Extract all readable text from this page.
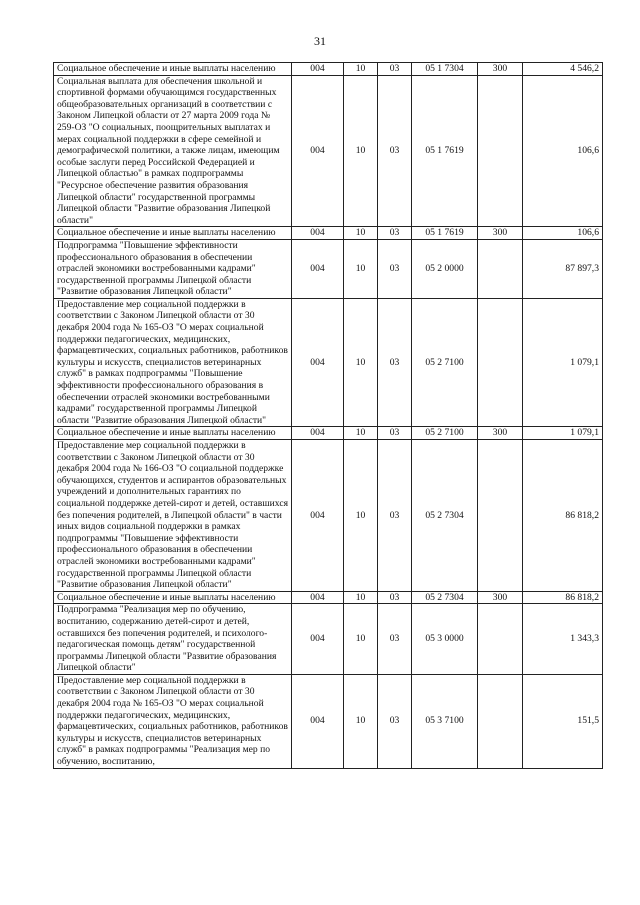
31
Социальное обеспечение и иные выплаты населению	004	10	03	05 1 7304	300	4 546,2
Социальная выплата для обеспечения школьной и спортивной формами обучающимся государственных общеобразовательных организаций в соответствии с Законом Липецкой области от 27 марта 2009 года № 259-ОЗ "О социальных, поощрительных выплатах и мерах социальной поддержки в сфере семейной и демографической политики, а также лицам, имеющим особые заслуги перед Российской Федерацией и Липецкой областью" в рамках подпрограммы "Ресурсное обеспечение развития образования Липецкой области" государственной программы Липецкой области "Развитие образования Липецкой области"	004	10	03	05 1 7619		106,6
Социальное обеспечение и иные выплаты населению	004	10	03	05 1 7619	300	106,6
Подпрограмма "Повышение эффективности профессионального образования в обеспечении отраслей экономики востребованными кадрами" государственной программы Липецкой области "Развитие образования Липецкой области"	004	10	03	05 2 0000		87 897,3
Предоставление мер социальной поддержки в соответствии с Законом Липецкой области от 30 декабря 2004 года № 165-ОЗ "О мерах социальной поддержки педагогических, медицинских, фармацевтических, социальных работников, работников культуры и искусств, специалистов ветеринарных служб" в рамках подпрограммы "Повышение эффективности профессионального образования в обеспечении отраслей экономики востребованными кадрами" государственной программы Липецкой области "Развитие образования Липецкой области"	004	10	03	05 2 7100		1 079,1
Социальное обеспечение и иные выплаты населению	004	10	03	05 2 7100	300	1 079,1
Предоставление мер социальной поддержки в соответствии с Законом Липецкой области от 30 декабря 2004 года № 166-ОЗ "О социальной поддержке обучающихся, студентов и аспирантов образовательных учреждений и дополнительных гарантиях по социальной поддержке детей-сирот и детей, оставшихся без попечения родителей, в Липецкой области" в части иных видов социальной поддержки в рамках подпрограммы "Повышение эффективности профессионального образования в обеспечении отраслей экономики востребованными кадрами" государственной программы Липецкой области "Развитие образования Липецкой области"	004	10	03	05 2 7304		86 818,2
Социальное обеспечение и иные выплаты населению	004	10	03	05 2 7304	300	86 818,2
Подпрограмма "Реализация мер по обучению, воспитанию, содержанию детей-сирот и детей, оставшихся без попечения родителей, и психолого-педагогическая помощь детям" государственной программы Липецкой области "Развитие образования Липецкой области"	004	10	03	05 3 0000		1 343,3
Предоставление мер социальной поддержки в соответствии с Законом Липецкой области от 30 декабря 2004 года № 165-ОЗ "О мерах социальной поддержки педагогических, медицинских, фармацевтических, социальных работников, работников культуры и искусств, специалистов ветеринарных служб" в рамках подпрограммы "Реализация мер по обучению, воспитанию,	004	10	03	05 3 7100		151,5
